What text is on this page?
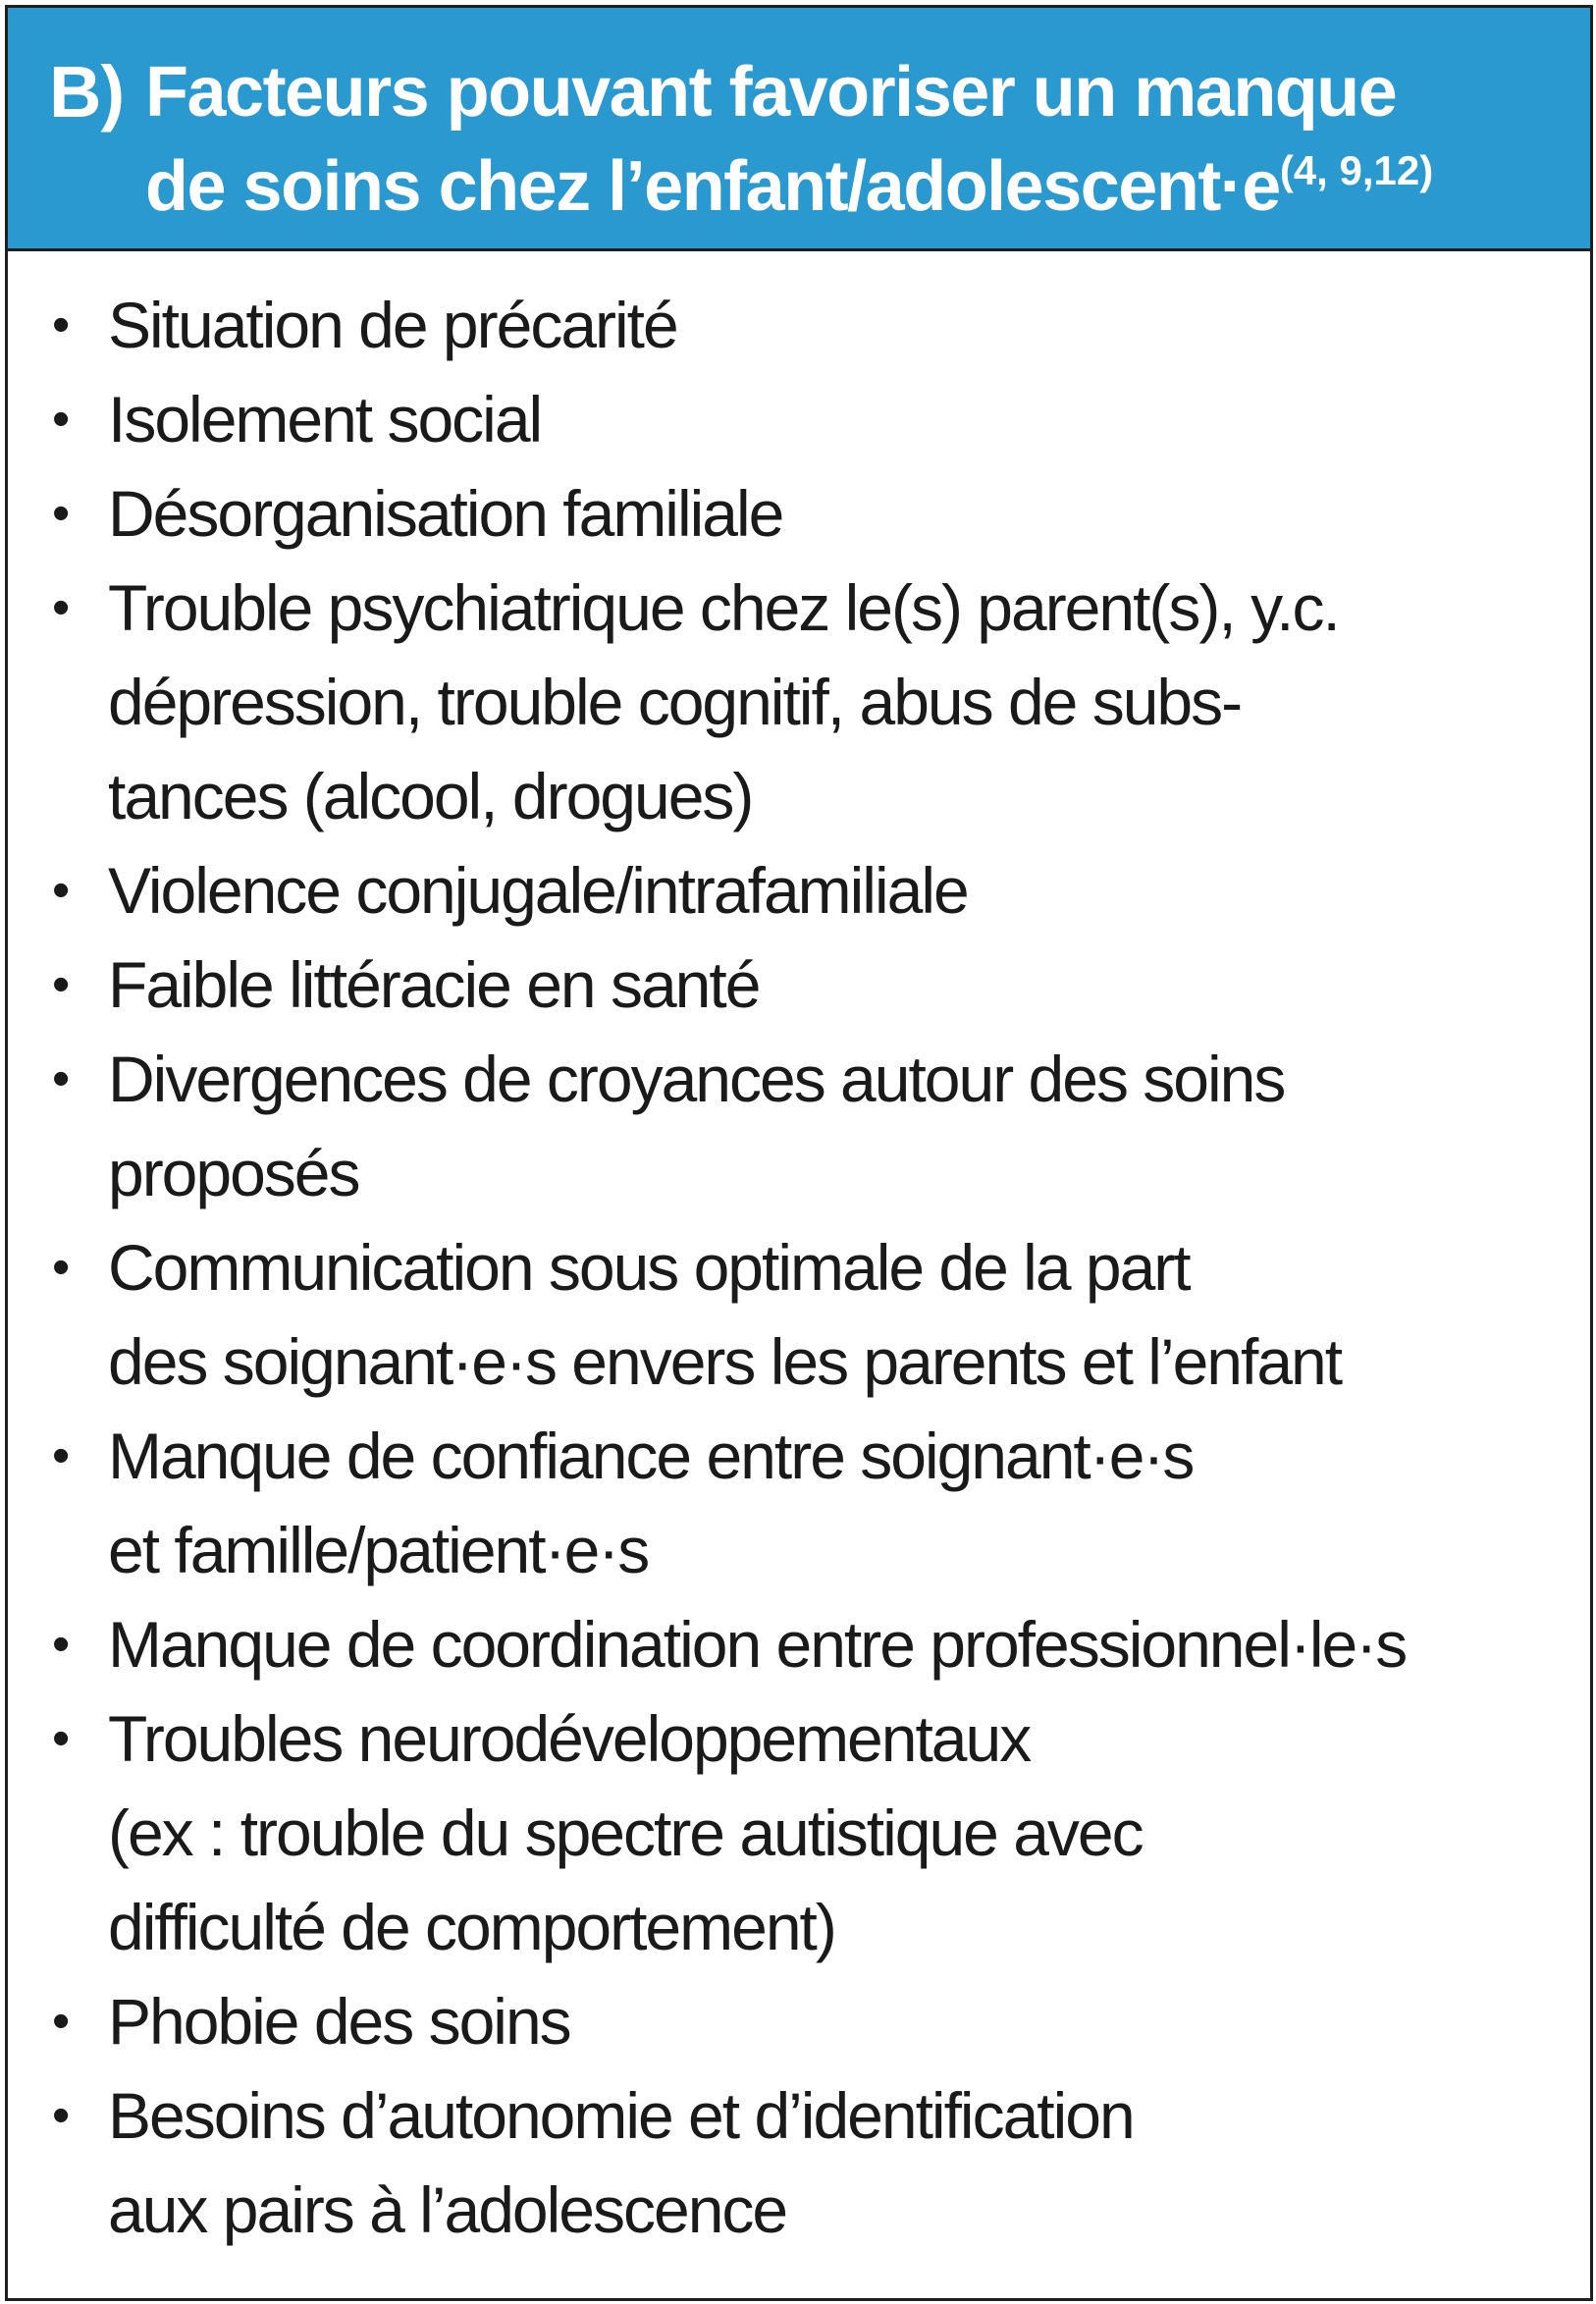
B) Facteurs pouvant favoriser un manque
de soins chez $l’enfant/adolescent\cdot e^{(4, 9,12)}$
• Situation de précarité
• Isolement social
• Désorganisation familiale
• Trouble psychiatrique chez le(s) parent(s), y.c.
dépression, trouble cognitif, abus de subs-
tances (alcool, drogues)
• Violence conjugale/intrafamiliale
• Faible littéracie en santé
• Divergences de croyances autour des soins
proposés
• Communication sous optimale de la part
des soignant·e·s envers les parents et l’enfant
• Manque de confiance entre soignant·e·s
et famille/patient·e·s
• Manque de coordination entre professionnel·le·s
• Troubles neurodéveloppementaux
(ex : trouble du spectre autistique avec
difficulté de comportement)
• Phobie des soins
• Besoins d’autonomie et d’identification
aux pairs à l’adolescence
